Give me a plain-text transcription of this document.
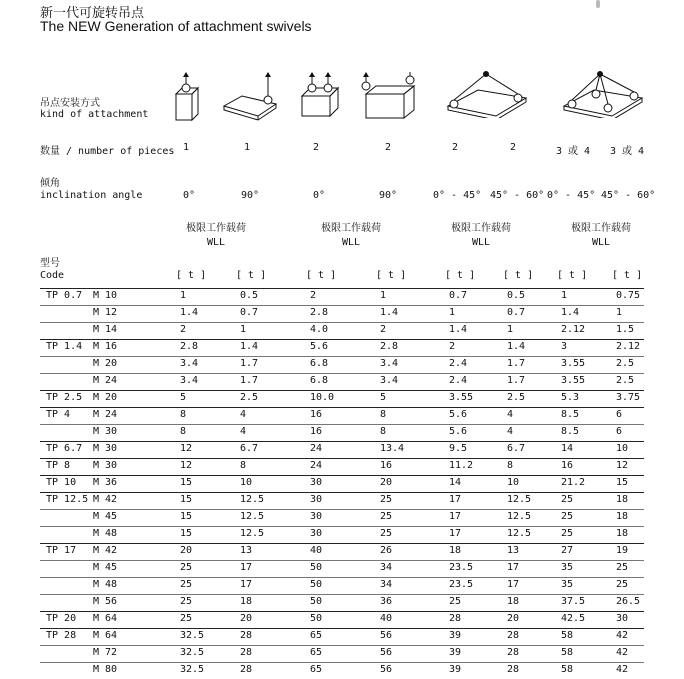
新一代可旋转吊点
The NEW Generation of attachment swivels
吊点安装方式
kind of attachment
数量 / number of pieces 1	1	2	2	2	2	3 或 4 3 或 4
倾角
inclination angle	0°	90°	0°	90°	0° - 45° 45° - 60° 0° - 45° 45° - 60°
极限工作载荷
WLL
极限工作载荷
WLL
极限工作载荷
WLL
极限工作载荷
WLL
型号
Code	[ t ]	[ t ]	[ t ]	[ t ]	[ t ]	[ t ] [ t ] [ t ]
TP 0.7 M 10	1	0.5	2	1	0.7	0.5	1	0.75
M 12	1.4	0.7	2.8	1.4	1	0.7	1.4	1
M 14	2	1	4.0	2	1.4	1	2.12	1.5
TP 1.4 M 16	2.8	1.4	5.6	2.8	2	1.4	3	2.12
M 20	3.4	1.7	6.8	3.4	2.4	1.7	3.55	2.5
M 24	3.4	1.7	6.8	3.4	2.4	1.7	3.55	2.5
TP 2.5 M 20	5	2.5	10.0	5	3.55	2.5	5.3	3.75
TP 4 M 24	8	4	16	8	5.6	4	8.5	6
M 30	8	4	16	8	5.6	4	8.5	6
TP 6.7 M 30	12	6.7	24	13.4	9.5	6.7	14	10
TP 8 M 30	12	8	24	16	11.2	8	16	12
TP 10 M 36	15	10	30	20	14	10	21.2	15
TP 12.5 M 42	15	12.5	30	25	17	12.5	25	18
M 45	15	12.5	30	25	17	12.5	25	18
M 48	15	12.5	30	25	17	12.5	25	18
TP 17 M 42	20	13	40	26	18	13	27	19
M 45	25	17	50	34	23.5	17	35	25
M 48	25	17	50	34	23.5	17	35	25
M 56	25	18	50	36	25	18	37.5	26.5
TP 20 M 64	25	20	50	40	28	20	42.5	30
TP 28 M 64	32.5	28	65	56	39	28	58	42
M 72	32.5	28	65	56	39	28	58	42
M 80	32.5	28	65	56	39	28	58	42
